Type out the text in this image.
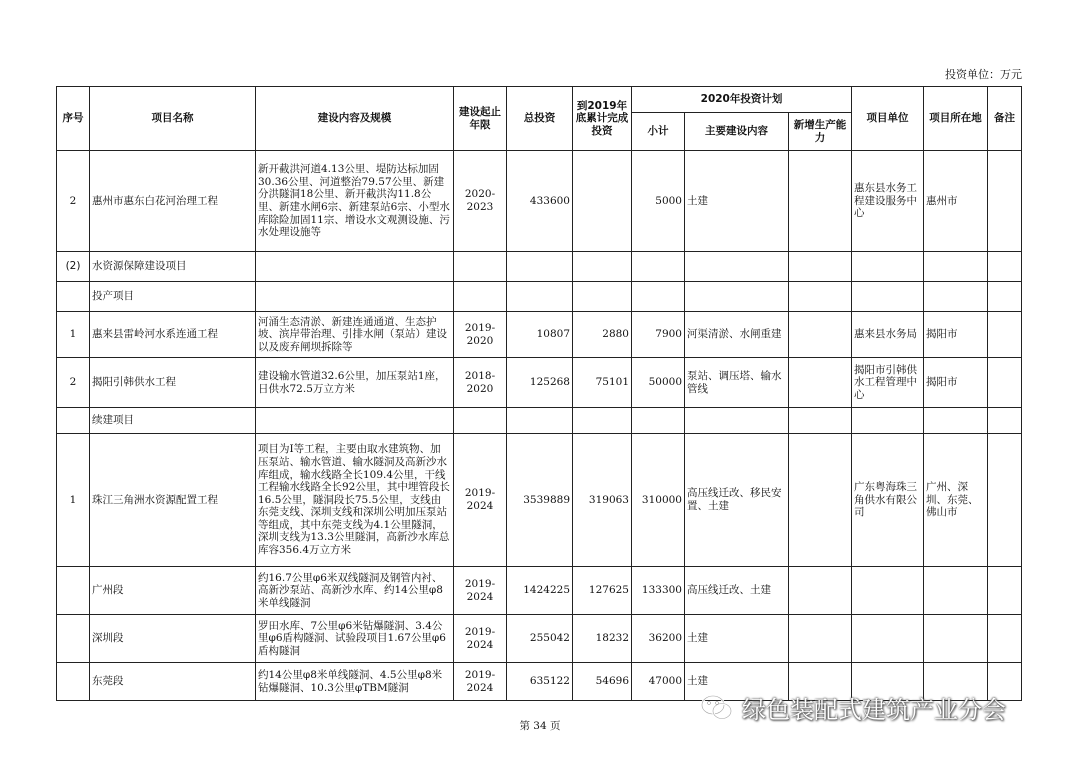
投资单位：万元
序号	项目名称	建设内容及规模	建设起止年限	总投资	到2019年底累计完成投资	2020年投资计划			项目单位	项目所在地	备注
						小计	主要建设内容	新增生产能力			
2	惠州市惠东白花河治理工程	新开截洪河道4.13公里、堤防达标加固30.36公里、河道整治79.57公里、新建分洪隧洞18公里、新开截洪沟11.8公里、新建水闸6宗、新建泵站6宗、小型水库除险加固11宗、增设水文观测设施、污水处理设施等	2020-2023	433600		5000	土建		惠东县水务工程建设服务中心	惠州市	
(2)	水资源保障建设项目										
	投产项目										
1	惠来县雷岭河水系连通工程	河涌生态清淤、新建连通通道、生态护坡、滨岸带治理、引排水闸（泵站）建设以及废弃闸坝拆除等	2019-2020	10807	2880	7900	河渠清淤、水闸重建		惠来县水务局	揭阳市	
2	揭阳引韩供水工程	建设输水管道32.6公里，加压泵站1座，日供水72.5万立方米	2018-2020	125268	75101	50000	泵站、调压塔、输水管线		揭阳市引韩供水工程管理中心	揭阳市	
	续建项目										
1	珠江三角洲水资源配置工程	项目为Ⅰ等工程，主要由取水建筑物、加压泵站、输水管道、输水隧洞及高新沙水库组成，输水线路全长109.4公里，干线工程输水线路全长92公里，其中埋管段长16.5公里，隧洞段长75.5公里，支线由东莞支线、深圳支线和深圳公明加压泵站等组成，其中东莞支线为4.1公里隧洞，深圳支线为13.3公里隧洞，高新沙水库总库容356.4万立方米	2019-2024	3539889	319063	310000	高压线迁改、移民安置、土建		广东粤海珠三角供水有限公司	广州、深圳、东莞、佛山市	
	广州段	约16.7公里φ6米双线隧洞及钢管内衬、高新沙泵站、高新沙水库、约14公里φ8米单线隧洞	2019-2024	1424225	127625	133300	高压线迁改、土建				
	深圳段	罗田水库、7公里φ6米钻爆隧洞、3.4公里φ6盾构隧洞、试验段项目1.67公里φ6盾构隧洞	2019-2024	255042	18232	36200	土建				
	东莞段	约14公里φ8米单线隧洞、4.5公里φ8米钻爆隧洞、10.3公里φTBM隧洞	2019-2024	635122	54696	47000	土建				
第 34 页
绿色装配式建筑产业分会
